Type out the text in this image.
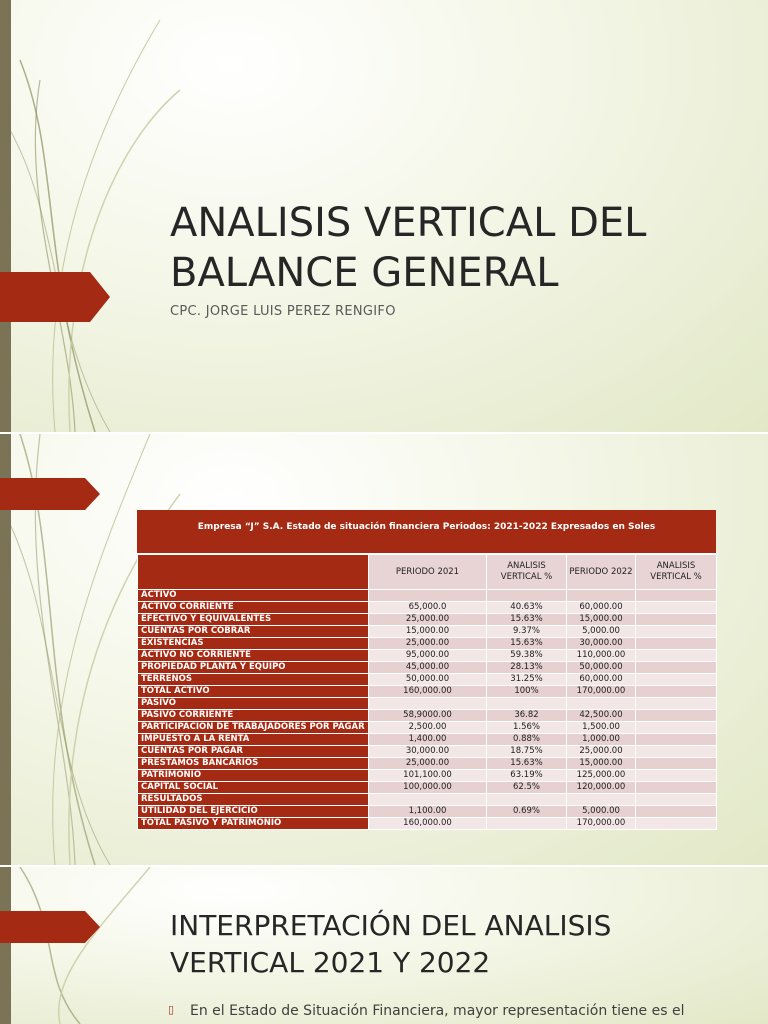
ANALISIS VERTICAL DEL
BALANCE GENERAL
CPC. JORGE LUIS PEREZ RENGIFO
Empresa “J” S.A. Estado de situación financiera Periodos: 2021-2022 Expresados en Soles
	PERIODO 2021	ANALISIS VERTICAL %	PERIODO 2022	ANALISIS VERTICAL %
ACTIVO				
ACTIVO CORRIENTE	65,000.0	40.63%	60,000.00	
EFECTIVO Y EQUIVALENTES	25,000.00	15.63%	15,000.00	
CUENTAS POR COBRAR	15,000.00	9.37%	5,000.00	
EXISTENCIAS	25,000.00	15.63%	30,000.00	
ACTIVO NO CORRIENTE	95,000.00	59.38%	110,000.00	
PROPIEDAD PLANTA Y EQUIPO	45,000.00	28.13%	50,000.00	
TERRENOS	50,000.00	31.25%	60,000.00	
TOTAL ACTIVO	160,000.00	100%	170,000.00	
PASIVO				
PASIVO CORRIENTE	58,9000.00	36.82	42,500.00	
PARTICIPACION DE TRABAJADORES POR PAGAR	2,500.00	1.56%	1,500.00	
IMPUESTO A LA RENTA	1,400.00	0.88%	1,000.00	
CUENTAS POR PAGAR	30,000.00	18.75%	25,000.00	
PRESTAMOS BANCARIOS	25,000.00	15.63%	15,000.00	
PATRIMONIO	101,100.00	63.19%	125,000.00	
CAPITAL SOCIAL	100,000.00	62.5%	120,000.00	
RESULTADOS				
UTILIDAD DEL EJERCICIO	1,100.00	0.69%	5,000.00	
TOTAL PASIVO Y PATRIMONIO	160,000.00		170,000.00	
INTERPRETACIÓN DEL ANALISIS
VERTICAL 2021 Y 2022
▯ En el Estado de Situación Financiera, mayor representación tiene es el
